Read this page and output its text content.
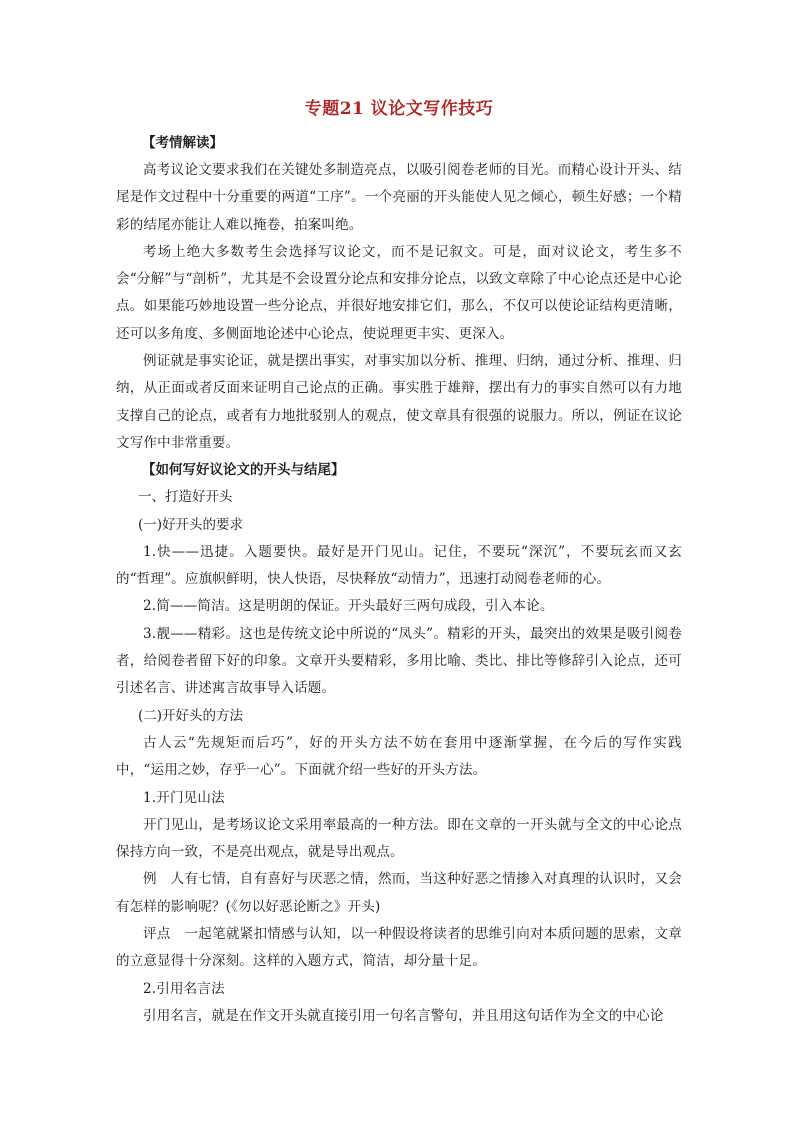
专题21 议论文写作技巧

【考情解读】

高考议论文要求我们在关键处多制造亮点，以吸引阅卷老师的目光。而精心设计开头、结尾是作文过程中十分重要的两道“工序”。一个亮丽的开头能使人见之倾心，顿生好感；一个精彩的结尾亦能让人难以掩卷，拍案叫绝。

考场上绝大多数考生会选择写议论文，而不是记叙文。可是，面对议论文，考生多不会“分解”与“剖析”，尤其是不会设置分论点和安排分论点，以致文章除了中心论点还是中心论点。如果能巧妙地设置一些分论点，并很好地安排它们，那么，不仅可以使论证结构更清晰，还可以多角度、多侧面地论述中心论点，使说理更丰实、更深入。

例证就是事实论证，就是摆出事实，对事实加以分析、推理、归纳，通过分析、推理、归纳，从正面或者反面来证明自己论点的正确。事实胜于雄辩，摆出有力的事实自然可以有力地支撑自己的论点，或者有力地批驳别人的观点，使文章具有很强的说服力。所以，例证在议论文写作中非常重要。

【如何写好议论文的开头与结尾】

一、打造好开头

(一)好开头的要求

1.快——迅捷。入题要快。最好是开门见山。记住，不要玩“深沉”，不要玩玄而又玄的“哲理”。应旗帜鲜明，快人快语，尽快释放“动情力”，迅速打动阅卷老师的心。

2.简——简洁。这是明朗的保证。开头最好三两句成段，引入本论。

3.靓——精彩。这也是传统文论中所说的“凤头”。精彩的开头，最突出的效果是吸引阅卷者，给阅卷者留下好的印象。文章开头要精彩，多用比喻、类比、排比等修辞引入论点，还可引述名言、讲述寓言故事导入话题。

(二)开好头的方法

古人云“先规矩而后巧”，好的开头方法不妨在套用中逐渐掌握，在今后的写作实践中，“运用之妙，存乎一心”。下面就介绍一些好的开头方法。

1.开门见山法

开门见山，是考场议论文采用率最高的一种方法。即在文章的一开头就与全文的中心论点保持方向一致，不是亮出观点，就是导出观点。

例　人有七情，自有喜好与厌恶之情，然而，当这种好恶之情掺入对真理的认识时，又会有怎样的影响呢？(《勿以好恶论断之》开头)

评点　一起笔就紧扣情感与认知，以一种假设将读者的思维引向对本质问题的思索，文章的立意显得十分深刻。这样的入题方式，简洁，却分量十足。

2.引用名言法

引用名言，就是在作文开头就直接引用一句名言警句，并且用这句话作为全文的中心论
